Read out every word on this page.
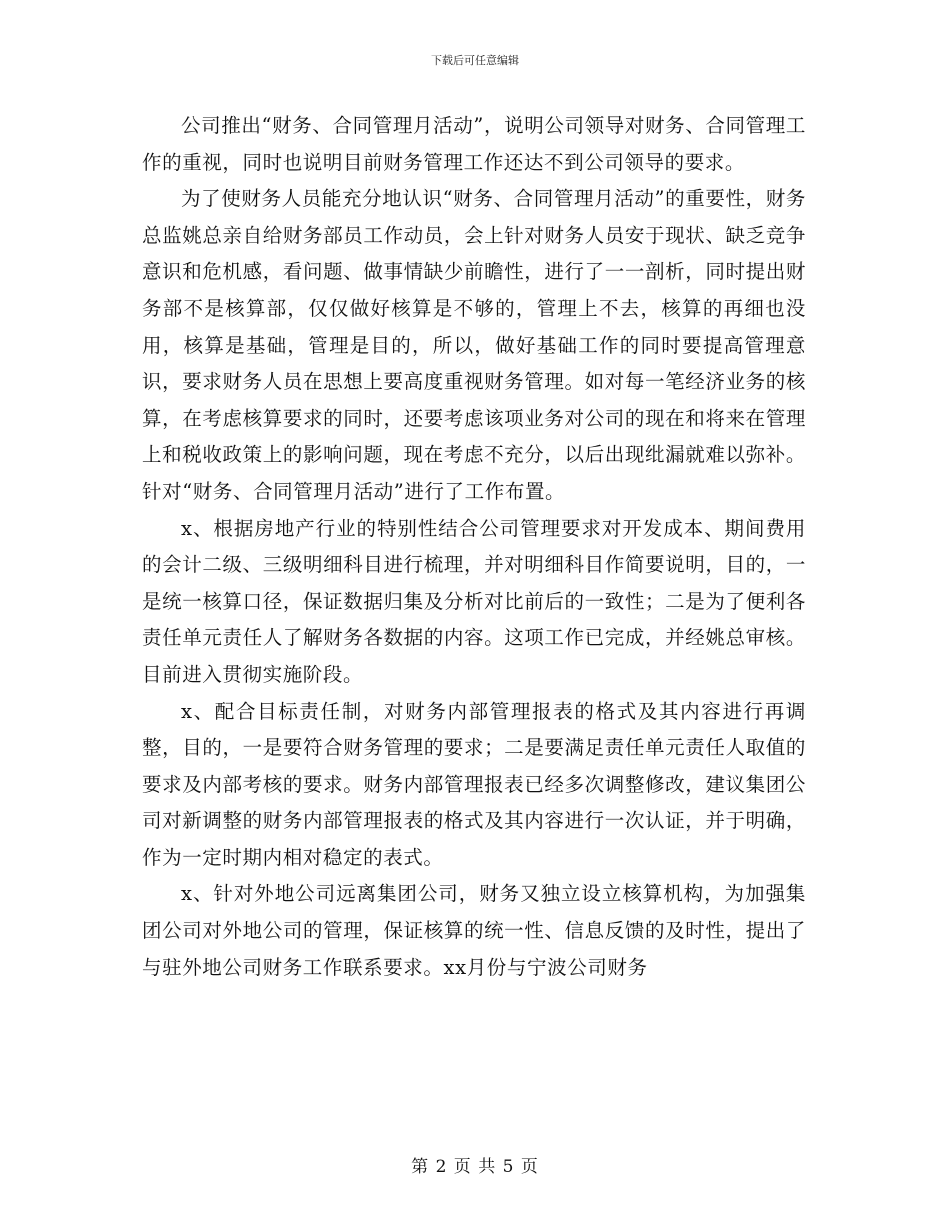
下载后可任意编辑

公司推出“财务、合同管理月活动”，说明公司领导对财务、合同管理工作的重视，同时也说明目前财务管理工作还达不到公司领导的要求。

为了使财务人员能充分地认识“财务、合同管理月活动”的重要性，财务总监姚总亲自给财务部员工作动员，会上针对财务人员安于现状、缺乏竞争意识和危机感，看问题、做事情缺少前瞻性，进行了一一剖析，同时提出财务部不是核算部，仅仅做好核算是不够的，管理上不去，核算的再细也没用，核算是基础，管理是目的，所以，做好基础工作的同时要提高管理意识，要求财务人员在思想上要高度重视财务管理。如对每一笔经济业务的核算，在考虑核算要求的同时，还要考虑该项业务对公司的现在和将来在管理上和税收政策上的影响问题，现在考虑不充分，以后出现纰漏就难以弥补。针对“财务、合同管理月活动”进行了工作布置。

x、根据房地产行业的特别性结合公司管理要求对开发成本、期间费用的会计二级、三级明细科目进行梳理，并对明细科目作简要说明，目的，一是统一核算口径，保证数据归集及分析对比前后的一致性；二是为了便利各责任单元责任人了解财务各数据的内容。这项工作已完成，并经姚总审核。目前进入贯彻实施阶段。

x、配合目标责任制，对财务内部管理报表的格式及其内容进行再调整，目的，一是要符合财务管理的要求；二是要满足责任单元责任人取值的要求及内部考核的要求。财务内部管理报表已经多次调整修改，建议集团公司对新调整的财务内部管理报表的格式及其内容进行一次认证，并于明确，作为一定时期内相对稳定的表式。

x、针对外地公司远离集团公司，财务又独立设立核算机构，为加强集团公司对外地公司的管理，保证核算的统一性、信息反馈的及时性，提出了与驻外地公司财务工作联系要求。xx月份与宁波公司财务

第 2 页 共 5 页
